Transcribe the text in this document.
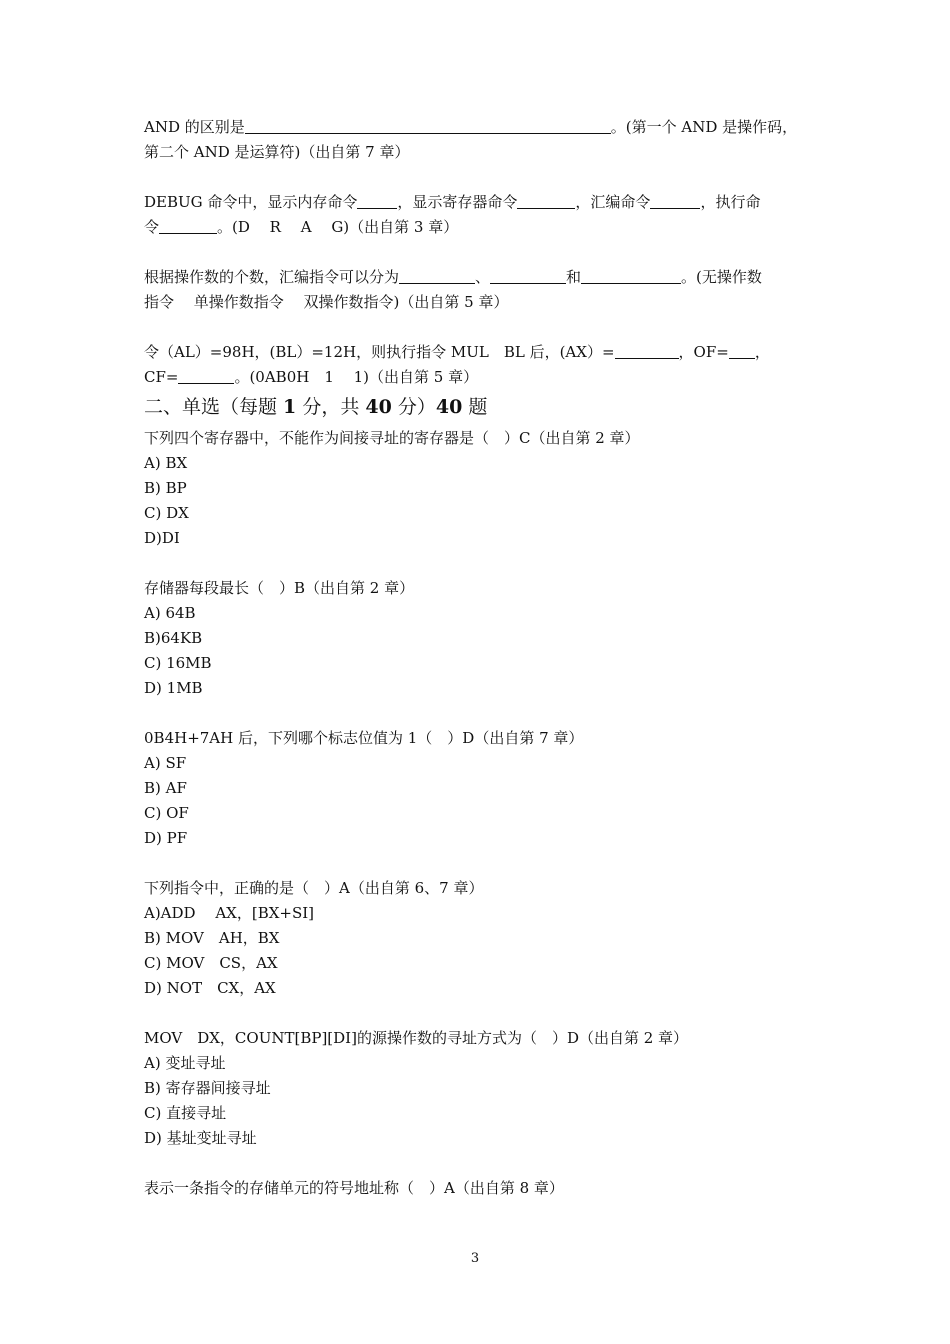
AND 的区别是	。(第一个 AND 是操作码，
第二个 AND 是运算符)（出自第 7 章）
DEBUG 命令中，显示内存命令	，显示寄存器命令	，汇编命令	，执行命
令	。(D　 R　 A　 G)（出自第 3 章）
根据操作数的个数，汇编指令可以分为	、	和	。(无操作数
指令　 单操作数指令　 双操作数指令)（出自第 5 章）
令（AL）=98H，(BL）=12H，则执行指令 MUL　BL 后，(AX）=	，OF= ，
CF=	。(0AB0H　1　 1)（出自第 5 章）
二、单选（每题 1 分，共 40 分）40 题
下列四个寄存器中，不能作为间接寻址的寄存器是（　）C（出自第 2 章）
A) BX
B) BP
C) DX
D)DI
存储器每段最长（　）B（出自第 2 章）
A) 64B
B)64KB
C) 16MB
D) 1MB
0B4H+7AH 后，下列哪个标志位值为 1（　）D（出自第 7 章）
A) SF
B) AF
C) OF
D) PF
下列指令中，正确的是（　）A（出自第 6、7 章）
A)ADD　 AX，[BX+SI]
B) MOV　AH，BX
C) MOV　CS，AX
D) NOT　CX，AX
MOV　DX，COUNT[BP][DI]的源操作数的寻址方式为（　）D（出自第 2 章）
A) 变址寻址
B) 寄存器间接寻址
C) 直接寻址
D) 基址变址寻址
表示一条指令的存储单元的符号地址称（　）A（出自第 8 章）
3
